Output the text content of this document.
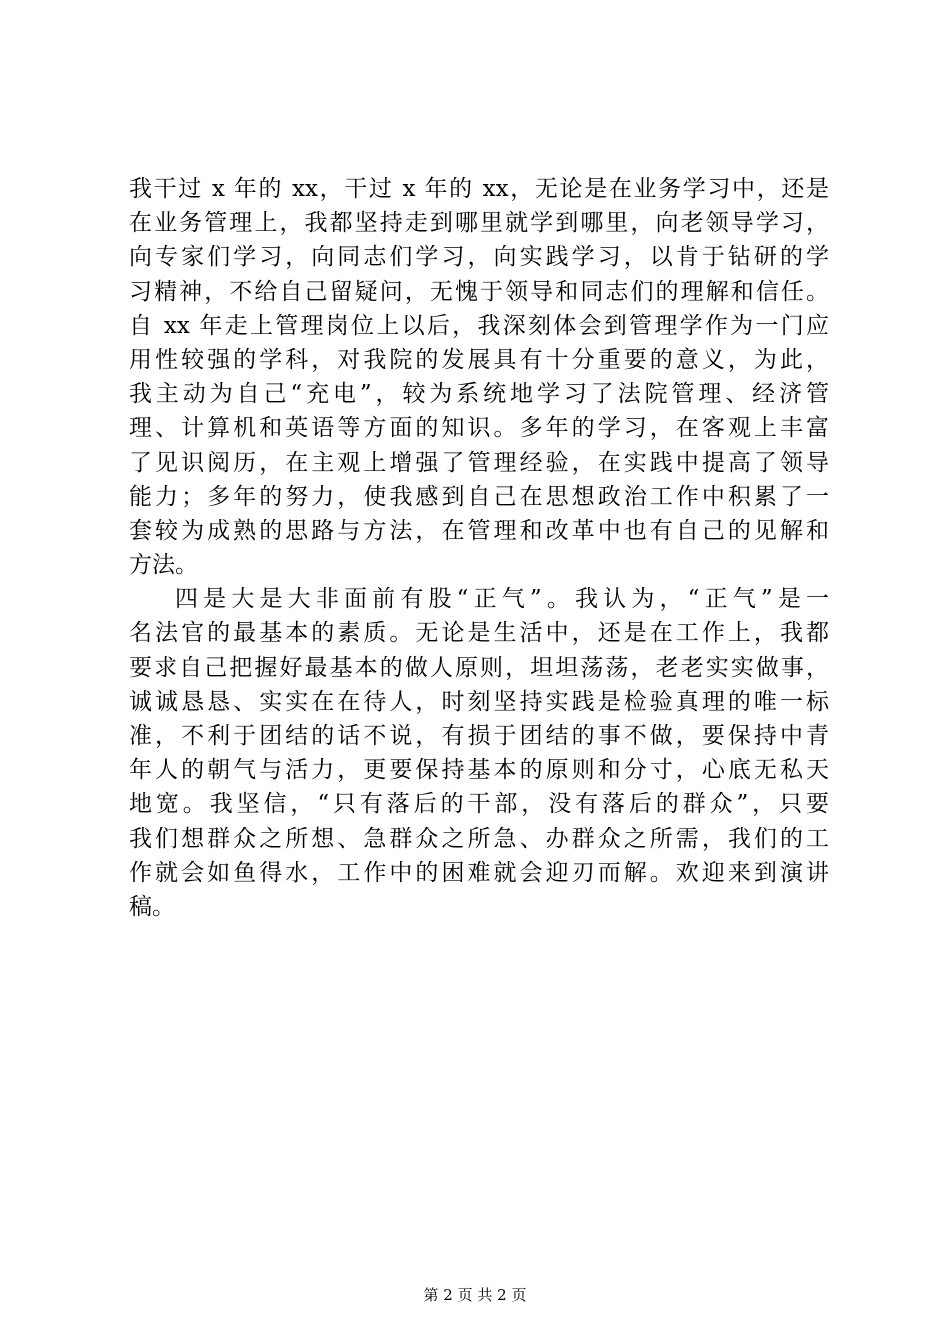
我干过 x 年的 xx，干过 x 年的 xx，无论是在业务学习中，还是
在业务管理上，我都坚持走到哪里就学到哪里，向老领导学习，
向专家们学习，向同志们学习，向实践学习，以肯于钻研的学
习精神，不给自己留疑问，无愧于领导和同志们的理解和信任。
自 xx 年走上管理岗位上以后，我深刻体会到管理学作为一门应
用性较强的学科，对我院的发展具有十分重要的意义，为此，
我主动为自己“充电”，较为系统地学习了法院管理、经济管
理、计算机和英语等方面的知识。多年的学习，在客观上丰富
了见识阅历，在主观上增强了管理经验，在实践中提高了领导
能力；多年的努力，使我感到自己在思想政治工作中积累了一
套较为成熟的思路与方法，在管理和改革中也有自己的见解和
方法。
四是大是大非面前有股“正气”。我认为，“正气”是一
名法官的最基本的素质。无论是生活中，还是在工作上，我都
要求自己把握好最基本的做人原则，坦坦荡荡，老老实实做事，
诚诚恳恳、实实在在待人，时刻坚持实践是检验真理的唯一标
准，不利于团结的话不说，有损于团结的事不做，要保持中青
年人的朝气与活力，更要保持基本的原则和分寸，心底无私天
地宽。我坚信，“只有落后的干部，没有落后的群众”，只要
我们想群众之所想、急群众之所急、办群众之所需，我们的工
作就会如鱼得水，工作中的困难就会迎刃而解。欢迎来到演讲
稿。
第 2 页 共 2 页
